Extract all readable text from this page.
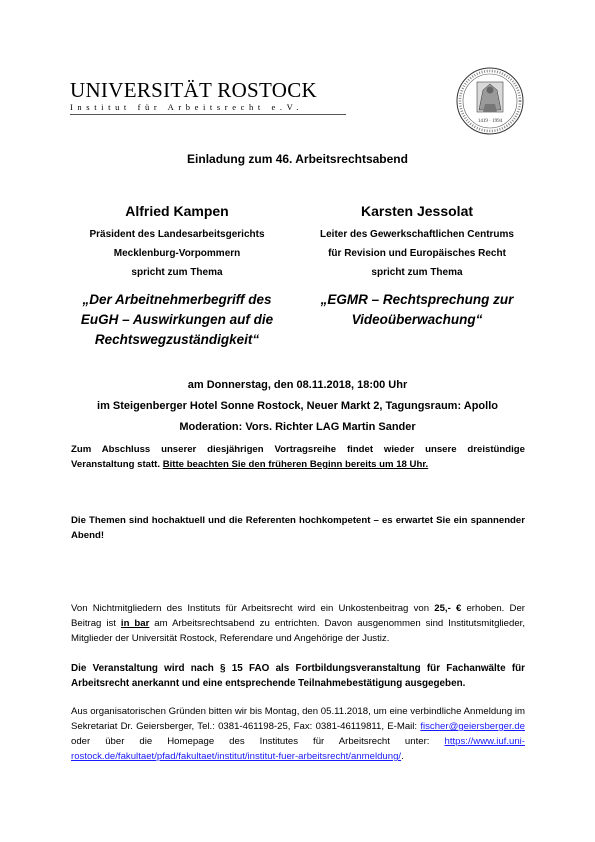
UNIVERSITÄT ROSTOCK
Institut für Arbeitsrecht e.V.
1419 · 1994
Einladung zum 46. Arbeitsrechtsabend
Alfried Kampen
Präsident des Landesarbeitsgerichts
Mecklenburg-Vorpommern
spricht zum Thema
„Der Arbeitnehmerbegriff des
EuGH – Auswirkungen auf die
Rechtswegzuständigkeit“
Karsten Jessolat
Leiter des Gewerkschaftlichen Centrums
für Revision und Europäisches Recht
spricht zum Thema
„EGMR – Rechtsprechung zur
Videoüberwachung“
am Donnerstag, den 08.11.2018, 18:00 Uhr
im Steigenberger Hotel Sonne Rostock, Neuer Markt 2, Tagungsraum: Apollo
Moderation: Vors. Richter LAG Martin Sander
Zum Abschluss unserer diesjährigen Vortragsreihe findet wieder unsere dreistündige Veranstaltung statt. Bitte beachten Sie den früheren Beginn bereits um 18 Uhr.
Die Themen sind hochaktuell und die Referenten hochkompetent – es erwartet Sie ein spannender Abend!
Von Nichtmitgliedern des Instituts für Arbeitsrecht wird ein Unkostenbeitrag von 25,- € erhoben. Der Beitrag ist in bar am Arbeitsrechtsabend zu entrichten. Davon ausgenommen sind Institutsmitglieder, Mitglieder der Universität Rostock, Referendare und Angehörige der Justiz.
Die Veranstaltung wird nach § 15 FAO als Fortbildungsveranstaltung für Fachanwälte für Arbeitsrecht anerkannt und eine entsprechende Teilnahmebestätigung ausgegeben.
Aus organisatorischen Gründen bitten wir bis Montag, den 05.11.2018, um eine verbindliche Anmeldung im Sekretariat Dr. Geiersberger, Tel.: 0381-461198-25, Fax: 0381-46119811, E-Mail: fischer@geiersberger.de oder über die Homepage des Institutes für Arbeitsrecht unter: https://www.iuf.uni-rostock.de/fakultaet/pfad/fakultaet/institut/institut-fuer-arbeitsrecht/anmeldung/.
